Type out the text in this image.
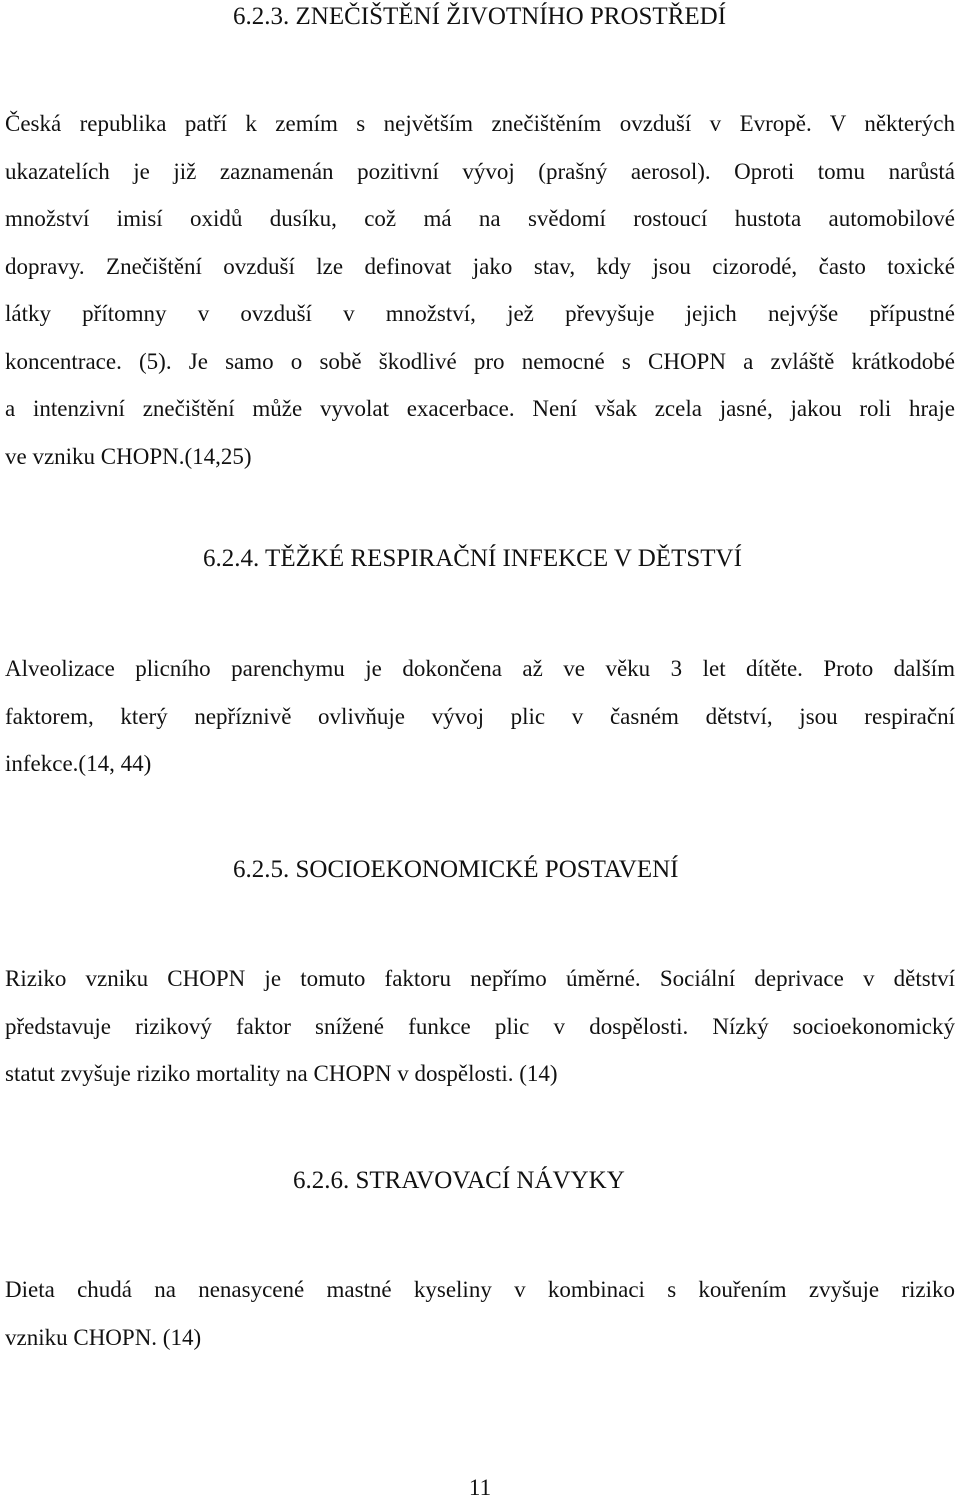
6.2.3. ZNEČIŠTĚNÍ ŽIVOTNÍHO PROSTŘEDÍ
Česká republika patří k zemím s největším znečištěním ovzduší v Evropě. V některých
ukazatelích je již zaznamenán pozitivní vývoj (prašný aerosol). Oproti tomu narůstá
množství imisí oxidů dusíku, což má na svědomí rostoucí hustota automobilové
dopravy. Znečištění ovzduší lze definovat jako stav, kdy jsou cizorodé, často toxické
látky přítomny v ovzduší v množství, jež převyšuje jejich nejvýše přípustné
koncentrace. (5). Je samo o sobě škodlivé pro nemocné s CHOPN a zvláště krátkodobé
a intenzivní znečištění může vyvolat exacerbace. Není však zcela jasné, jakou roli hraje
ve vzniku CHOPN.(14,25)
6.2.4. TĚŽKÉ RESPIRAČNÍ INFEKCE V DĚTSTVÍ
Alveolizace plicního parenchymu je dokončena až ve věku 3 let dítěte. Proto dalším
faktorem, který nepříznivě ovlivňuje vývoj plic v časném dětství, jsou respirační
infekce.(14, 44)
6.2.5. SOCIOEKONOMICKÉ POSTAVENÍ
Riziko vzniku CHOPN je tomuto faktoru nepřímo úměrné. Sociální deprivace v dětství
představuje rizikový faktor snížené funkce plic v dospělosti. Nízký socioekonomický
statut zvyšuje riziko mortality na CHOPN v dospělosti. (14)
6.2.6. STRAVOVACÍ NÁVYKY
Dieta chudá na nenasycené mastné kyseliny v kombinaci s kouřením zvyšuje riziko
vzniku CHOPN. (14)
11
